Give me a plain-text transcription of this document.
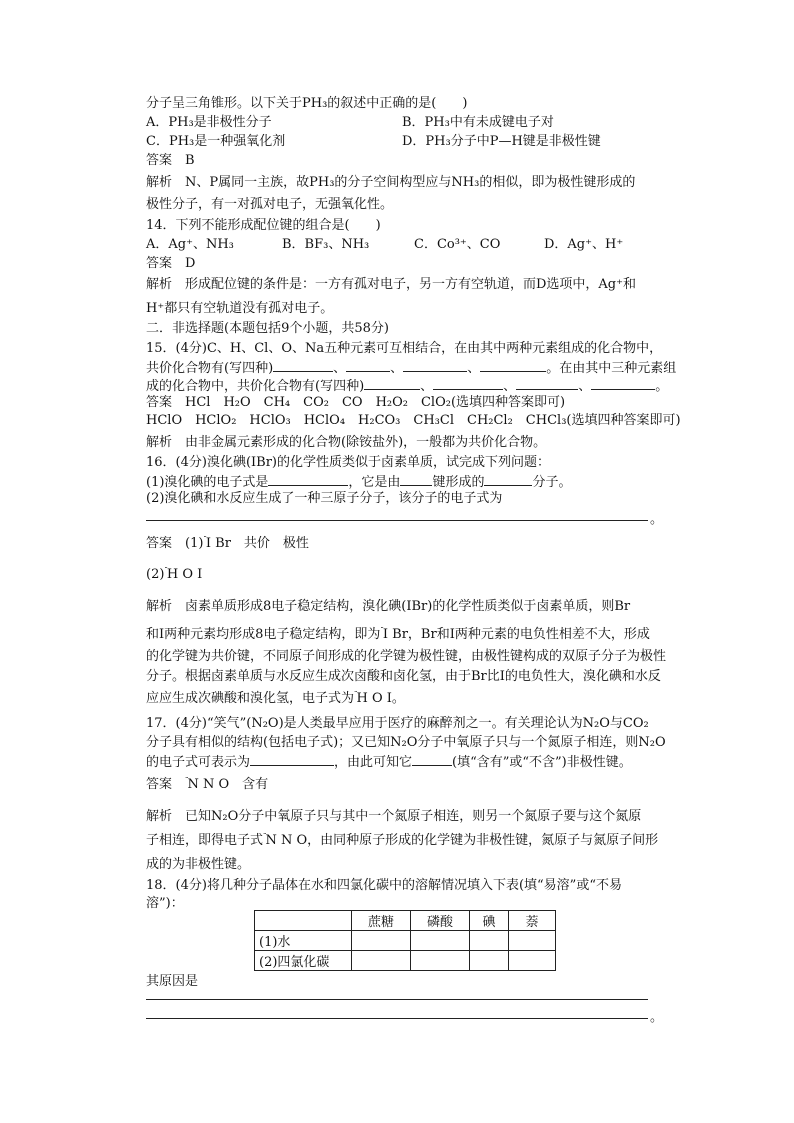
分子呈三角锥形。以下关于PH₃的叙述中正确的是(　　)
A．PH₃是非极性分子	B．PH₃中有未成键电子对
C．PH₃是一种强氧化剂	D．PH₃分子中P—H键是非极性键
答案　B
解析　N、P属同一主族，故PH₃的分子空间构型应与NH₃的相似，即为极性键形成的
极性分子，有一对孤对电子，无强氧化性。
14．下列不能形成配位键的组合是(　　)
A．Ag⁺、NH₃	B．BF₃、NH₃	C．Co³⁺、CO	D．Ag⁺、H⁺
答案　D
解析　形成配位键的条件是：一方有孤对电子，另一方有空轨道，而D选项中，Ag⁺和
H⁺都只有空轨道没有孤对电子。
二．非选择题(本题包括9个小题，共58分)
15．(4分)C、H、Cl、O、Na五种元素可互相结合，在由其中两种元素组成的化合物中，
共价化合物有(写四种)	、	、	、	。在由其中三种元素组
成的化合物中，共价化合物有(写四种)	、	、	、	。
答案　HCl　H₂O　CH₄　CO₂　CO　H₂O₂　ClO₂(选填四种答案即可)
HClO　HClO₂　HClO₃　HClO₄　H₂CO₃　CH₃Cl　CH₂Cl₂　CHCl₃(选填四种答案即可)
解析　由非金属元素形成的化合物(除铵盐外)，一般都为共价化合物。
16．(4分)溴化碘(IBr)的化学性质类似于卤素单质，试完成下列问题：
(1)溴化碘的电子式是	，它是由 键形成的	分子。
(2)溴化碘和水反应生成了一种三原子分子，该分子的电子式为
。
答案　(1)··I Br　共价　极性
(2)··H O I
解析　卤素单质形成8电子稳定结构，溴化碘(IBr)的化学性质类似于卤素单质，则Br
和I两种元素均形成8电子稳定结构，即为··I Br，Br和I两种元素的电负性相差不大，形成
的化学键为共价键，不同原子间形成的化学键为极性键，由极性键构成的双原子分子为极性
分子。根据卤素单质与水反应生成次卤酸和卤化氢，由于Br比I的电负性大，溴化碘和水反
应应生成次碘酸和溴化氢，电子式为··H O I。
17．(4分)“笑气”(N₂O)是人类最早应用于医疗的麻醉剂之一。有关理论认为N₂O与CO₂
分子具有相似的结构(包括电子式)；又已知N₂O分子中氧原子只与一个氮原子相连，则N₂O
的电子式可表示为	，由此可知它	(填“含有”或“不含”)非极性键。
答案　 ··N N O　含有
解析　已知N₂O分子中氧原子只与其中一个氮原子相连，则另一个氮原子要与这个氮原
子相连，即得电子式··N N O，由同种原子形成的化学键为非极性键，氮原子与氮原子间形
成的为非极性键。
18．(4分)将几种分子晶体在水和四氯化碳中的溶解情况填入下表(填“易溶”或“不易
溶”)：
	蔗糖	磷酸	碘	萘
(1)水				
(2)四氯化碳				
其原因是
。
